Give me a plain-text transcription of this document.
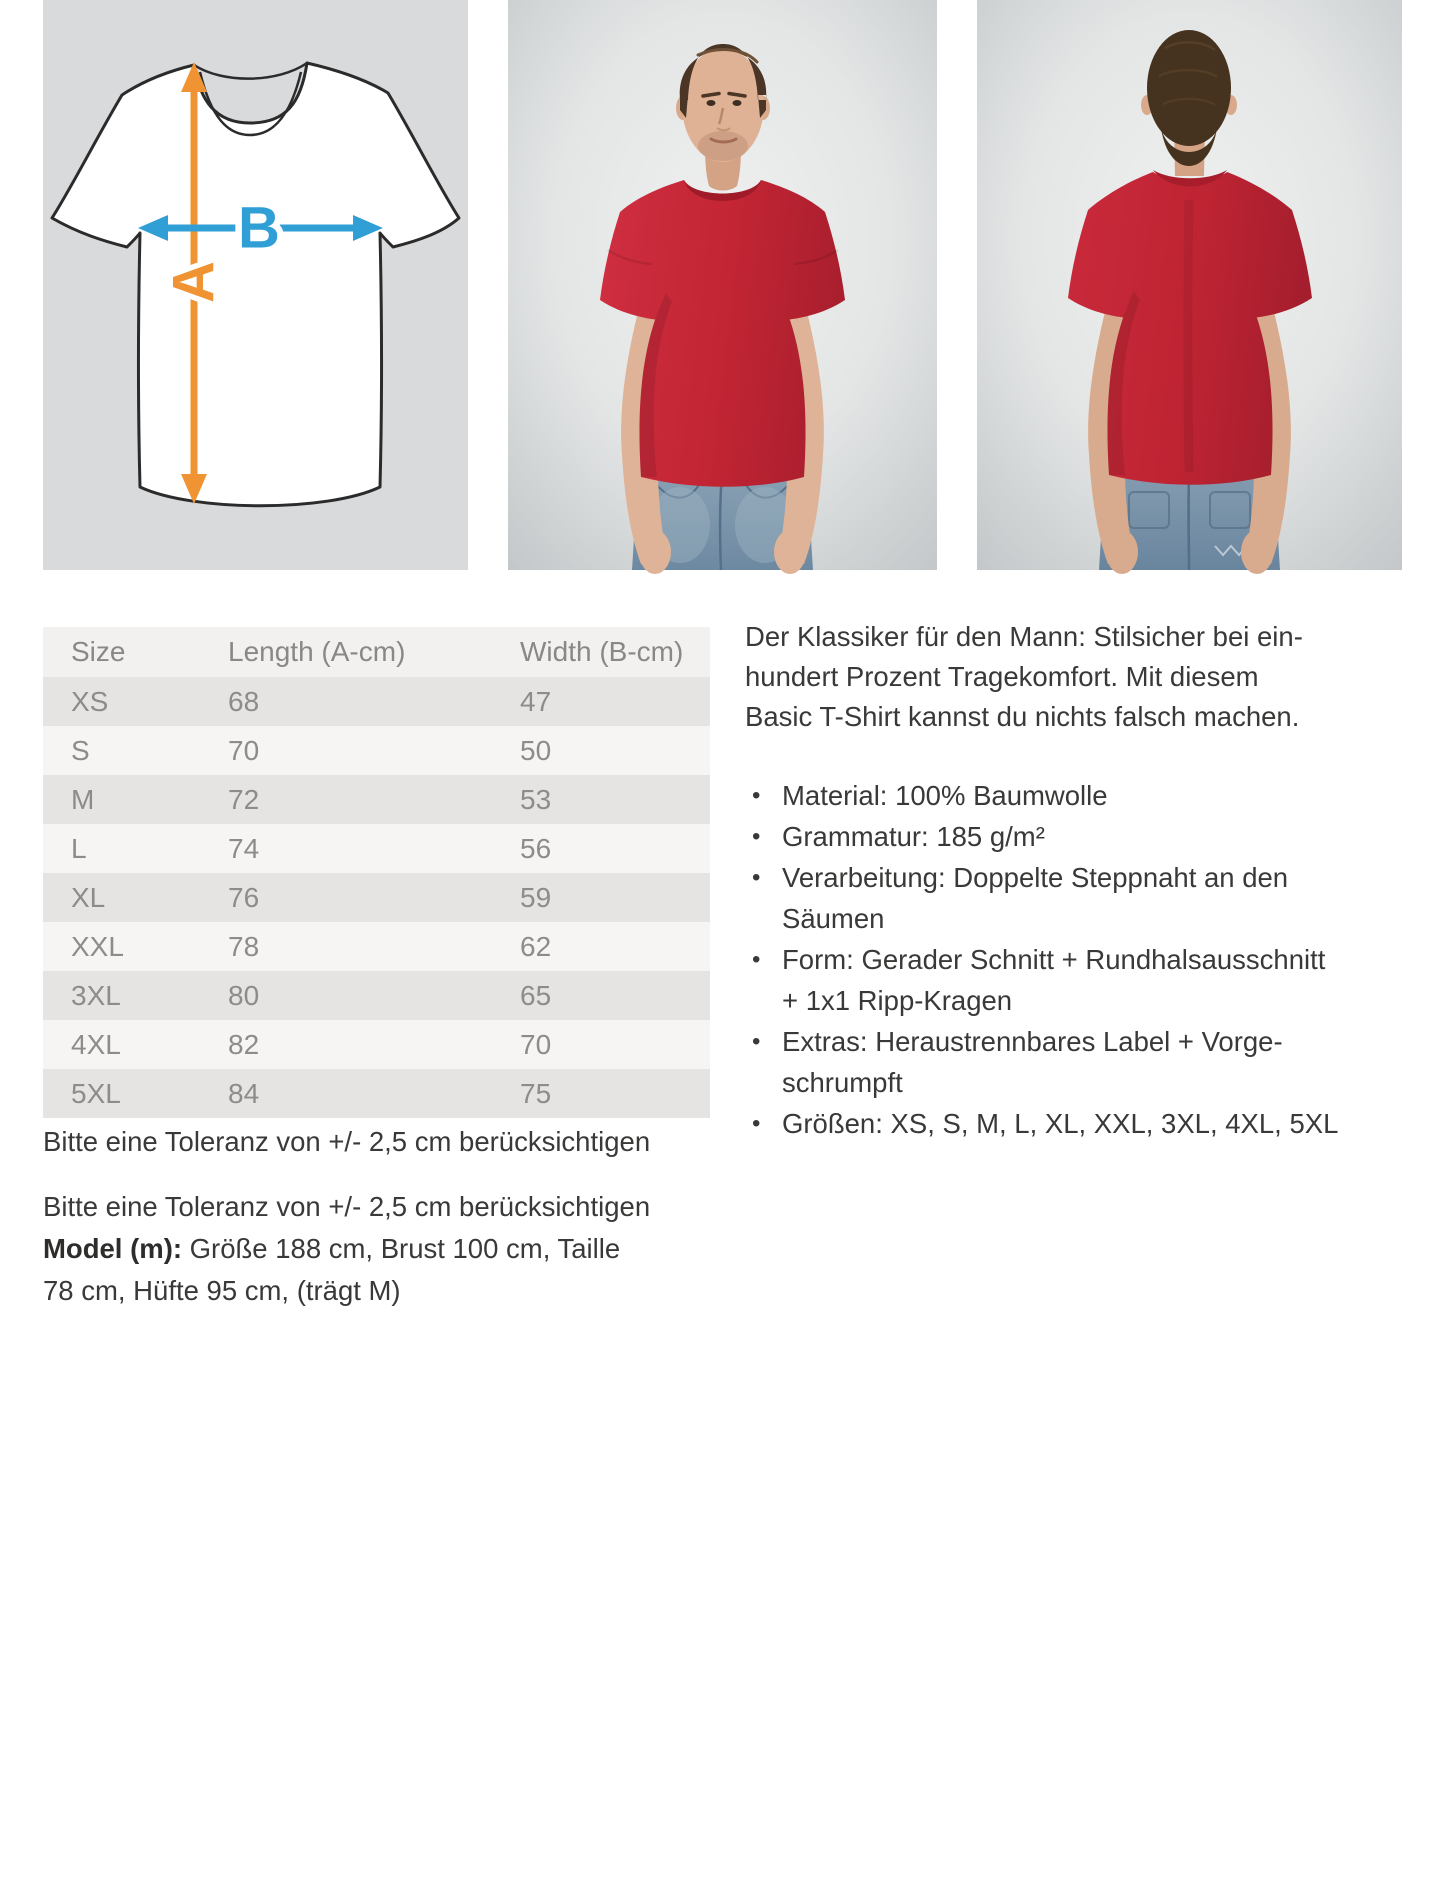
A
B
Size	Length (A-cm)	Width (B-cm)
XS	68	47
S	70	50
M	72	53
L	74	56
XL	76	59
XXL	78	62
3XL	80	65
4XL	82	70
5XL	84	75
Bitte eine Toleranz von +/- 2,5 cm berücksichtigen
Bitte eine Toleranz von +/- 2,5 cm berücksichtigen
Model (m): Größe 188 cm, Brust 100 cm, Taille
78 cm, Hüfte 95 cm, (trägt M)
Der Klassiker für den Mann: Stilsicher bei ein-
hundert Prozent Tragekomfort. Mit diesem
Basic T-Shirt kannst du nichts falsch machen.
• Material: 100% Baumwolle
• Grammatur: 185 g/m²
• Verarbeitung: Doppelte Steppnaht an den
Säumen
• Form: Gerader Schnitt + Rundhalsausschnitt
+ 1x1 Ripp-Kragen
• Extras: Heraustrennbares Label + Vorge-
schrumpft
• Größen: XS, S, M, L, XL, XXL, 3XL, 4XL, 5XL
